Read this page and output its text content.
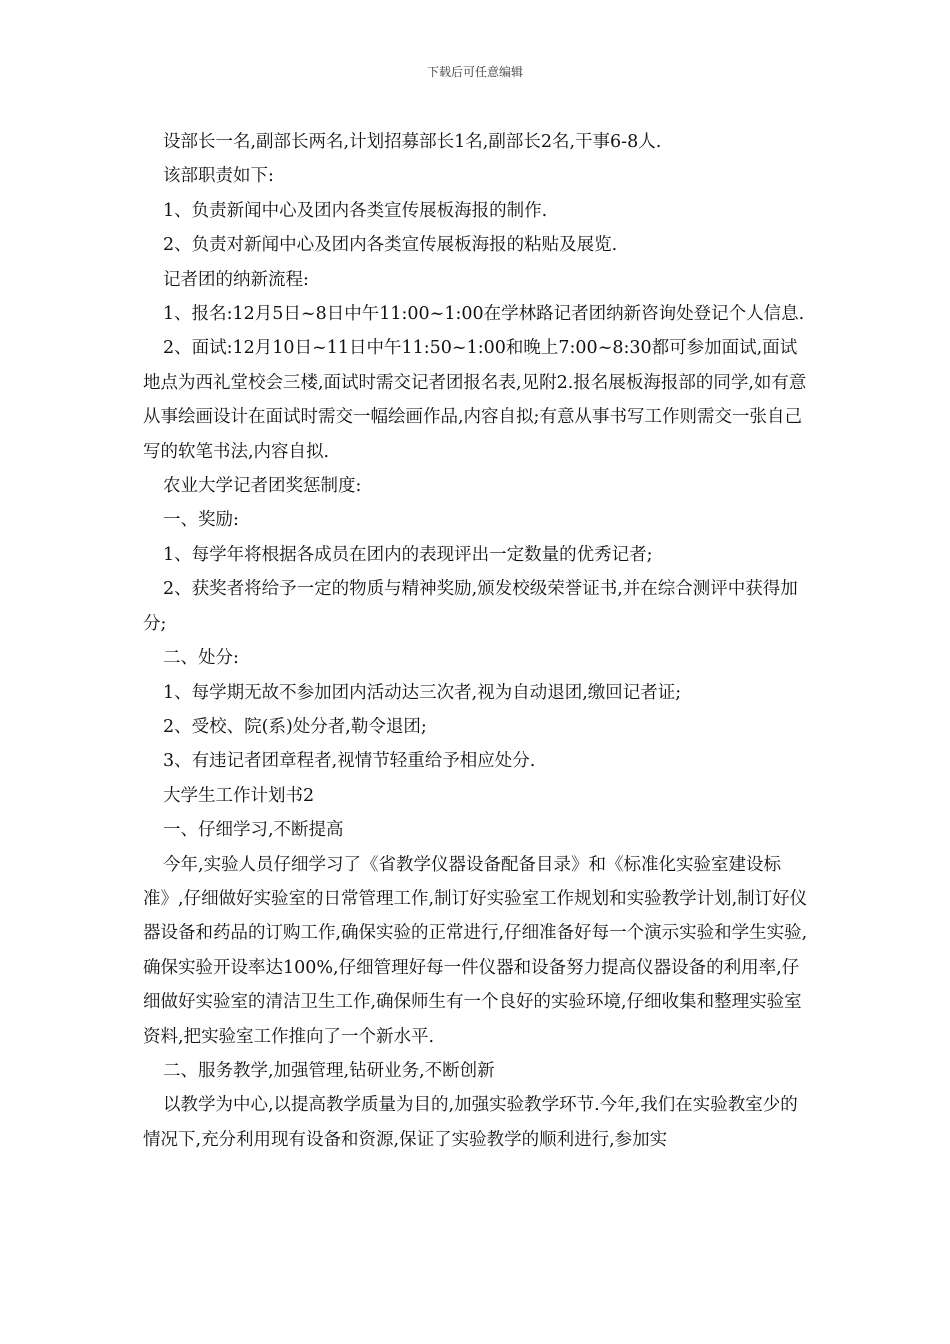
下载后可任意编辑

设部长一名,副部长两名,计划招募部长1名,副部长2名,干事6-8人.

该部职责如下:

1、负责新闻中心及团内各类宣传展板海报的制作.

2、负责对新闻中心及团内各类宣传展板海报的粘贴及展览.

记者团的纳新流程:

1、报名:12月5日~8日中午11:00~1:00在学林路记者团纳新咨询处登记个人信息.

2、面试:12月10日~11日中午11:50~1:00和晚上7:00~8:30都可参加面试,面试地点为西礼堂校会三楼,面试时需交记者团报名表,见附2.报名展板海报部的同学,如有意从事绘画设计在面试时需交一幅绘画作品,内容自拟;有意从事书写工作则需交一张自己写的软笔书法,内容自拟.

农业大学记者团奖惩制度:

一、奖励:

1、每学年将根据各成员在团内的表现评出一定数量的优秀记者;

2、获奖者将给予一定的物质与精神奖励,颁发校级荣誉证书,并在综合测评中获得加分;

二、处分:

1、每学期无故不参加团内活动达三次者,视为自动退团,缴回记者证;

2、受校、院(系)处分者,勒令退团;

3、有违记者团章程者,视情节轻重给予相应处分.

大学生工作计划书2

一、仔细学习,不断提高

今年,实验人员仔细学习了《省教学仪器设备配备目录》和《标准化实验室建设标准》,仔细做好实验室的日常管理工作,制订好实验室工作规划和实验教学计划,制订好仪器设备和药品的订购工作,确保实验的正常进行,仔细准备好每一个演示实验和学生实验,确保实验开设率达100%,仔细管理好每一件仪器和设备努力提高仪器设备的利用率,仔细做好实验室的清洁卫生工作,确保师生有一个良好的实验环境,仔细收集和整理实验室资料,把实验室工作推向了一个新水平.

二、服务教学,加强管理,钻研业务,不断创新

以教学为中心,以提高教学质量为目的,加强实验教学环节.今年,我们在实验教室少的情况下,充分利用现有设备和资源,保证了实验教学的顺利进行,参加实
